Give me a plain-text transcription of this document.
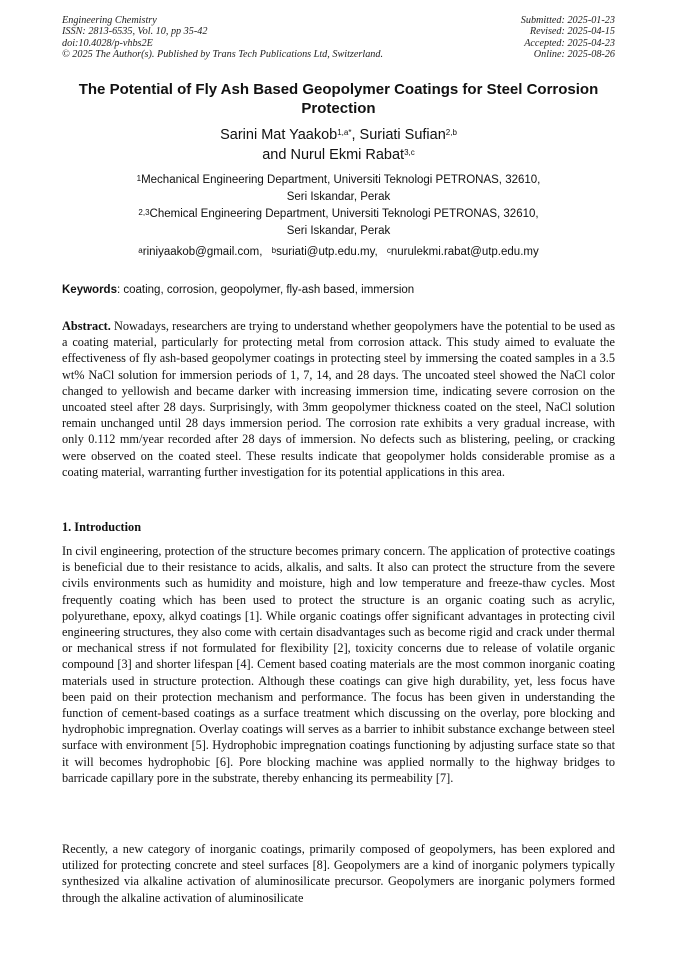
Engineering Chemistry
ISSN: 2813-6535, Vol. 10, pp 35-42
doi:10.4028/p-vhbs2E
© 2025 The Author(s). Published by Trans Tech Publications Ltd, Switzerland.
Submitted: 2025-01-23
Revised: 2025-04-15
Accepted: 2025-04-23
Online: 2025-08-26
The Potential of Fly Ash Based Geopolymer Coatings for Steel Corrosion Protection
Sarini Mat Yaakob$^{1,a*}$, Suriati Sufian$^{2,b}$
and Nurul Ekmi Rabat$^{3,c}$
$^1$Mechanical Engineering Department, Universiti Teknologi PETRONAS, 32610,
Seri Iskandar, Perak
$^{2,3}$Chemical Engineering Department, Universiti Teknologi PETRONAS, 32610,
Seri Iskandar, Perak
$^a$riniyaakob@gmail.com, $^b$suriati@utp.edu.my, $^c$nurulekmi.rabat@utp.edu.my
Keywords: coating, corrosion, geopolymer, fly-ash based, immersion
Abstract. Nowadays, researchers are trying to understand whether geopolymers have the potential to be used as a coating material, particularly for protecting metal from corrosion attack. This study aimed to evaluate the effectiveness of fly ash-based geopolymer coatings in protecting steel by immersing the coated samples in a 3.5 wt% NaCl solution for immersion periods of 1, 7, 14, and 28 days. The uncoated steel showed the NaCl color changed to yellowish and became darker with increasing immersion time, indicating severe corrosion on the uncoated steel after 28 days. Surprisingly, with 3mm geopolymer thickness coated on the steel, NaCl solution remain unchanged until 28 days immersion period. The corrosion rate exhibits a very gradual increase, with only 0.112 mm/year recorded after 28 days of immersion. No defects such as blistering, peeling, or cracking were observed on the coated steel. These results indicate that geopolymer holds considerable promise as a coating material, warranting further investigation for its potential applications in this area.
1. Introduction
In civil engineering, protection of the structure becomes primary concern. The application of protective coatings is beneficial due to their resistance to acids, alkalis, and salts. It also can protect the structure from the severe civils environments such as humidity and moisture, high and low temperature and freeze-thaw cycles. Most frequently coating which has been used to protect the structure is an organic coating such as acrylic, polyurethane, epoxy, alkyd coatings [1]. While organic coatings offer significant advantages in protecting civil engineering structures, they also come with certain disadvantages such as become rigid and crack under thermal or mechanical stress if not formulated for flexibility [2], toxicity concerns due to release of volatile organic compound [3] and shorter lifespan [4]. Cement based coating materials are the most common inorganic coating materials used in structure protection. Although these coatings can give high durability, yet, less focus have been paid on their protection mechanism and performance. The focus has been given in understanding the function of cement-based coatings as a surface treatment which discussing on the overlay, pore blocking and hydrophobic impregnation. Overlay coatings will serves as a barrier to inhibit substance exchange between steel surface with environment [5]. Hydrophobic impregnation coatings functioning by adjusting surface state so that it will becomes hydrophobic [6]. Pore blocking machine was applied normally to the highway bridges to barricade capillary pore in the substrate, thereby enhancing its permeability [7].
Recently, a new category of inorganic coatings, primarily composed of geopolymers, has been explored and utilized for protecting concrete and steel surfaces [8]. Geopolymers are a kind of inorganic polymers typically synthesized via alkaline activation of aluminosilicate precursor. Geopolymers are inorganic polymers formed through the alkaline activation of aluminosilicate
